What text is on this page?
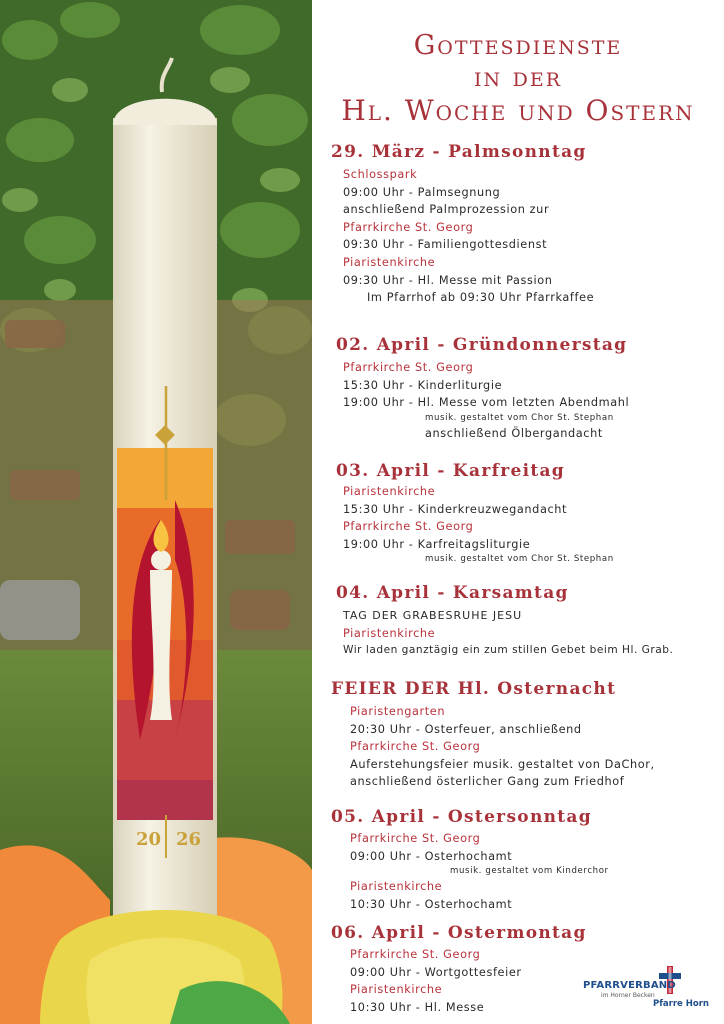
20 26
Gottesdienste
in der
Hl. Woche und Ostern
29. März - Palmsonntag
Schlosspark
09:00 Uhr - Palmsegnung
anschließend Palmprozession zur
Pfarrkirche St. Georg
09:30 Uhr - Familiengottesdienst
Piaristenkirche
09:30 Uhr - Hl. Messe mit Passion
Im Pfarrhof ab 09:30 Uhr Pfarrkaffee
02. April - Gründonnerstag
Pfarrkirche St. Georg
15:30 Uhr - Kinderliturgie
19:00 Uhr - Hl. Messe vom letzten Abendmahl
musik. gestaltet vom Chor St. Stephan
anschließend Ölbergandacht
03. April - Karfreitag
Piaristenkirche
15:30 Uhr - Kinderkreuzwegandacht
Pfarrkirche St. Georg
19:00 Uhr - Karfreitagsliturgie
musik. gestaltet vom Chor St. Stephan
04. April - Karsamtag
TAG DER GRABESRUHE JESU
Piaristenkirche
Wir laden ganztägig ein zum stillen Gebet beim Hl. Grab.
FEIER DER Hl. Osternacht
Piaristengarten
20:30 Uhr - Osterfeuer, anschließend
Pfarrkirche St. Georg
Auferstehungsfeier musik. gestaltet von DaChor,
anschließend österlicher Gang zum Friedhof
05. April - Ostersonntag
Pfarrkirche St. Georg
09:00 Uhr - Osterhochamt
musik. gestaltet vom Kinderchor
Piaristenkirche
10:30 Uhr - Osterhochamt
06. April - Ostermontag
Pfarrkirche St. Georg
09:00 Uhr - Wortgottesfeier
Piaristenkirche
10:30 Uhr - Hl. Messe
PFARRVERBAND
im Horner Becken
Pfarre Horn
